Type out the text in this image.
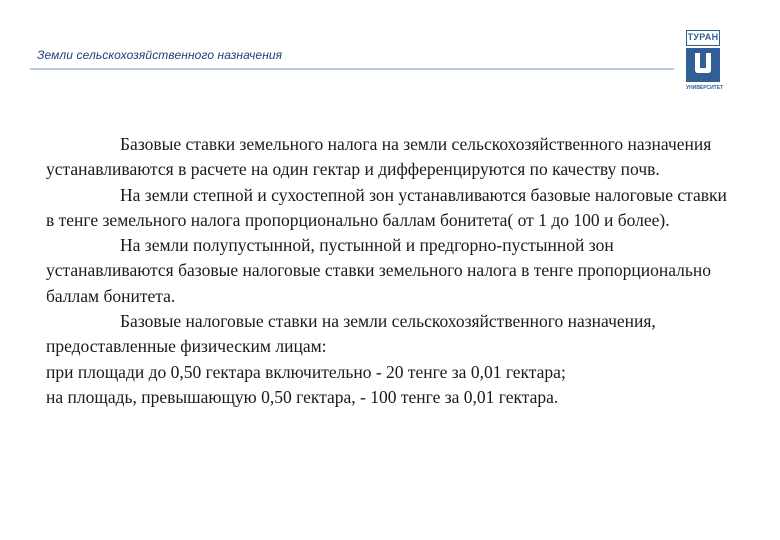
Земли сельскохозяйственного назначения
ТУРАН
УНИВЕРСИТЕТ

Базовые ставки земельного налога на земли сельскохозяйственного назначения устанавливаются в расчете на один гектар и дифференцируются по качеству почв.

На земли степной и сухостепной зон устанавливаются базовые налоговые ставки в тенге земельного налога пропорционально баллам бонитета( от 1 до 100 и более).

На земли полупустынной, пустынной и предгорно-пустынной зон устанавливаются базовые налоговые ставки земельного налога в тенге пропорционально баллам бонитета.

Базовые налоговые ставки на земли сельскохозяйственного назначения, предоставленные физическим лицам:

при площади до 0,50 гектара включительно - 20 тенге за 0,01 гектара;

на площадь, превышающую 0,50 гектара, - 100 тенге за 0,01 гектара.
